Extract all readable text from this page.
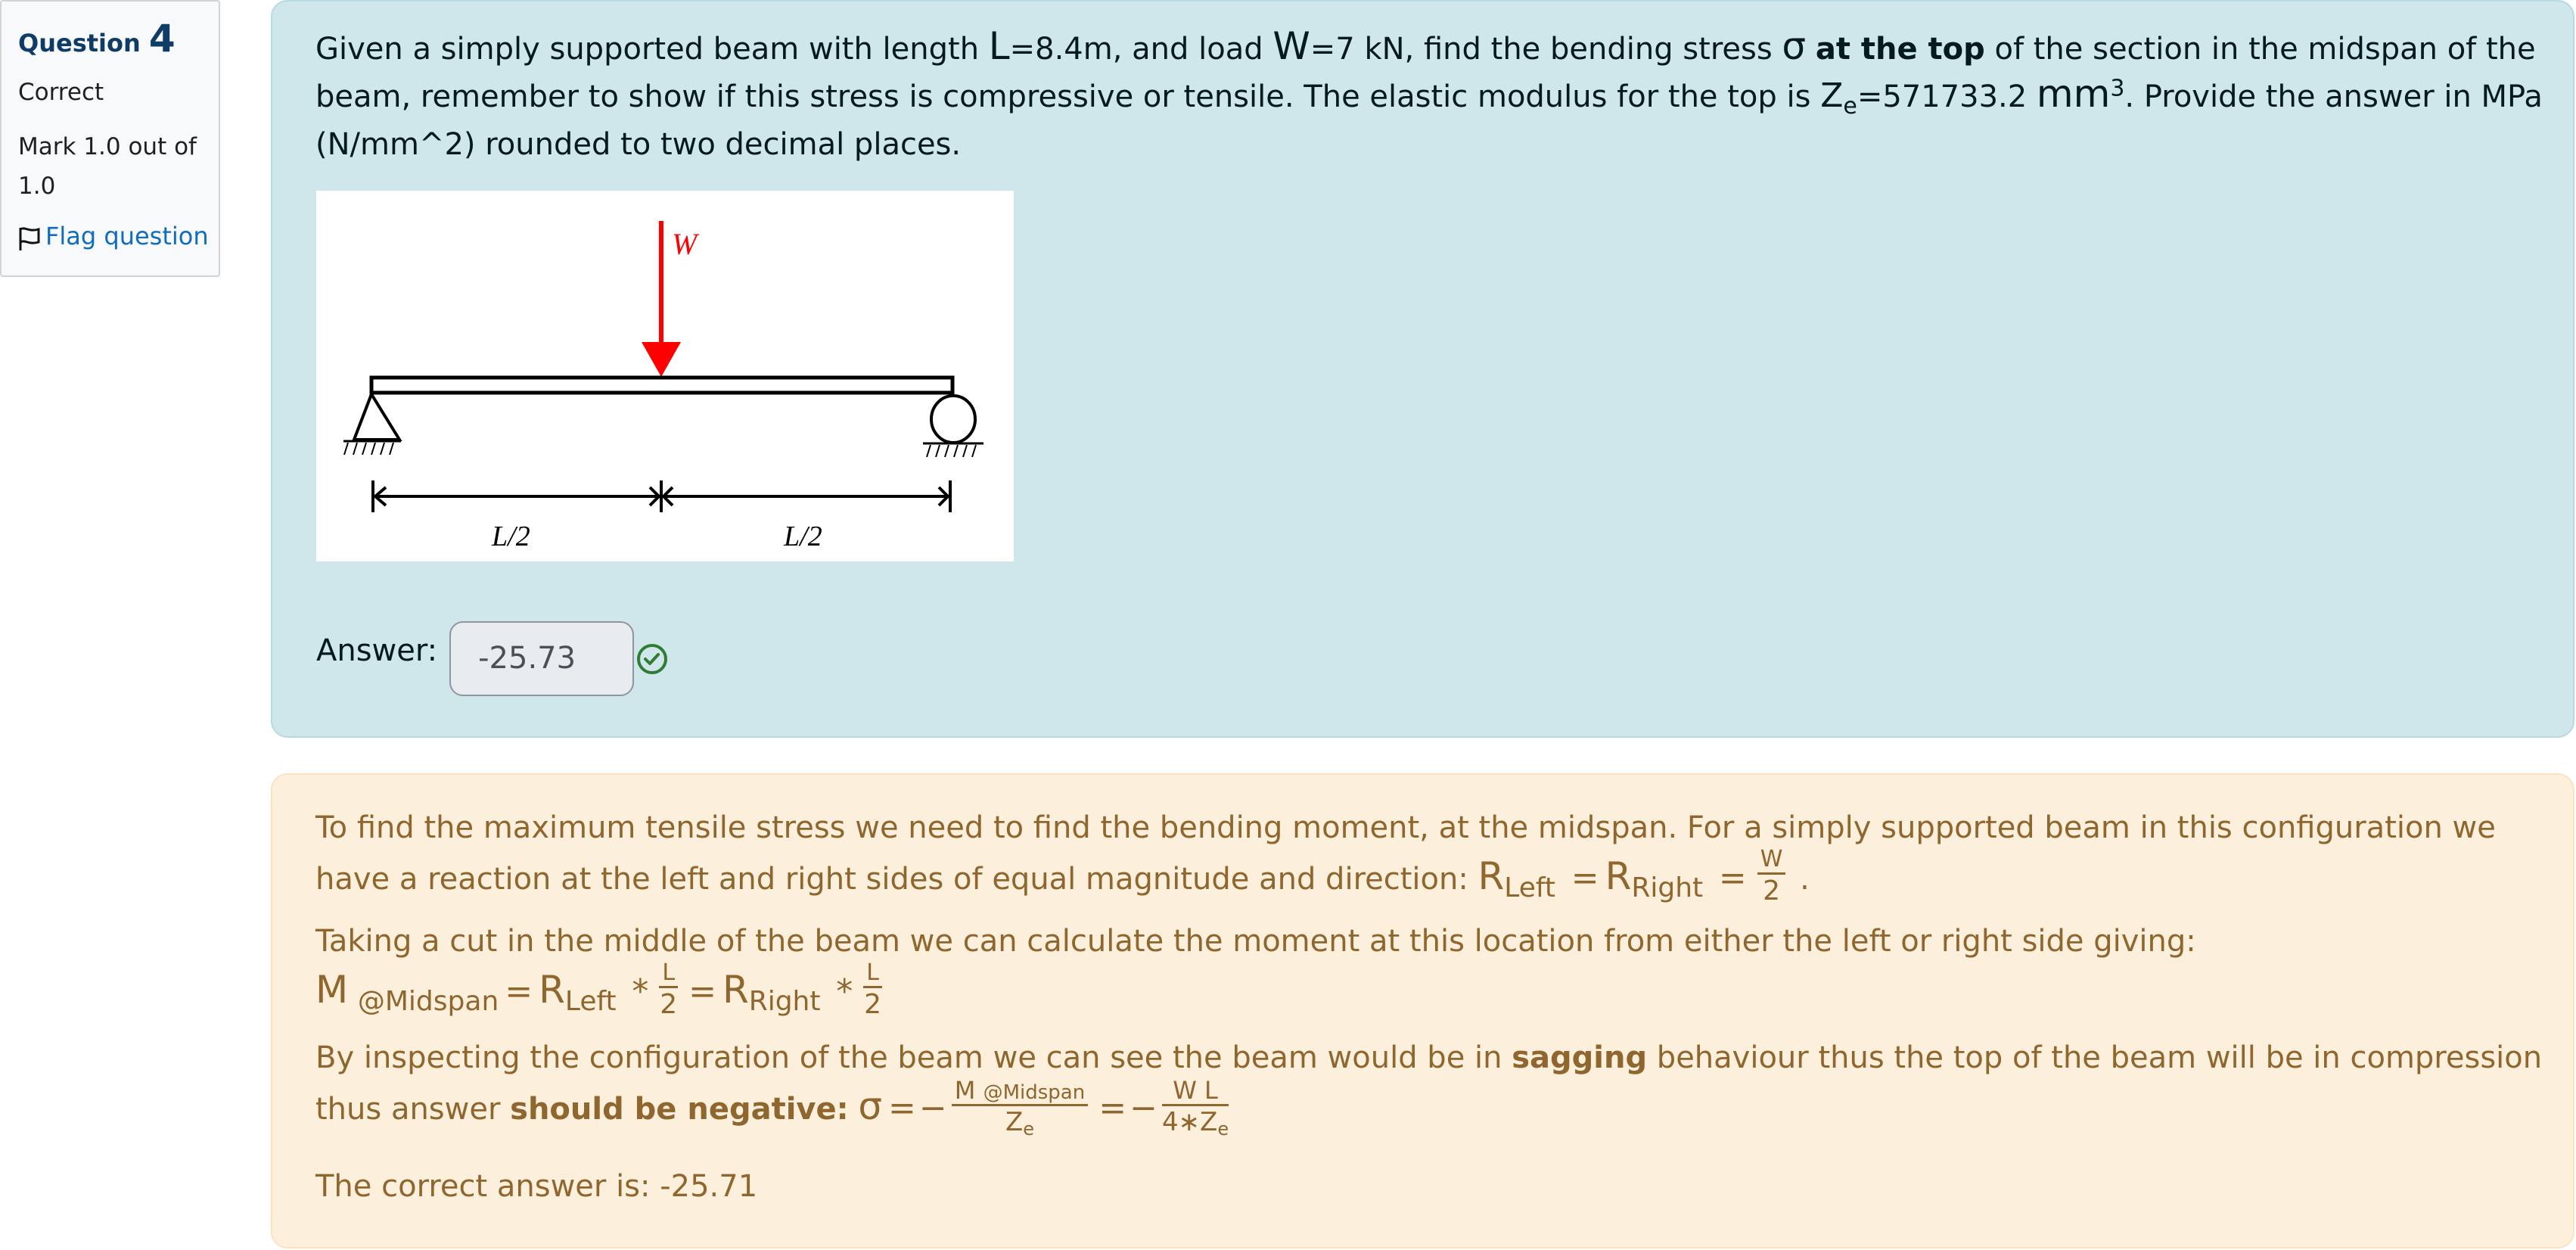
Question 4
Correct
Mark 1.0 out of 1.0
Flag question
Given a simply supported beam with length L=8.4m, and load W=7 kN, find the bending stress σ at the top of the section in the midspan of the beam, remember to show if this stress is compressive or tensile. The elastic modulus for the top is $Z_e=571733.2$ $mm^3$. Provide the answer in MPa (N/mm^2) rounded to two decimal places.
W
L/2	L/2
Answer:	-25.73
To find the maximum tensile stress we need to find the bending moment, at the midspan. For a simply supported beam in this configuration we have a reaction at the left and right sides of equal magnitude and direction: RLeft = RRight = $\frac{W}{2}$ .
Taking a cut in the middle of the beam we can calculate the moment at this location from either the left or right side giving:
M @Midspan = RLeft * $\frac{L}{2}$ = RRight * $\frac{L}{2}$
By inspecting the configuration of the beam we can see the beam would be in sagging behaviour thus the top of the beam will be in compression thus answer should be negative: $\sigma =- \frac{\text{M @Midspan}}{Ze} =- \frac{\text{W L}}{4∗Ze}$
The correct answer is: -25.71
